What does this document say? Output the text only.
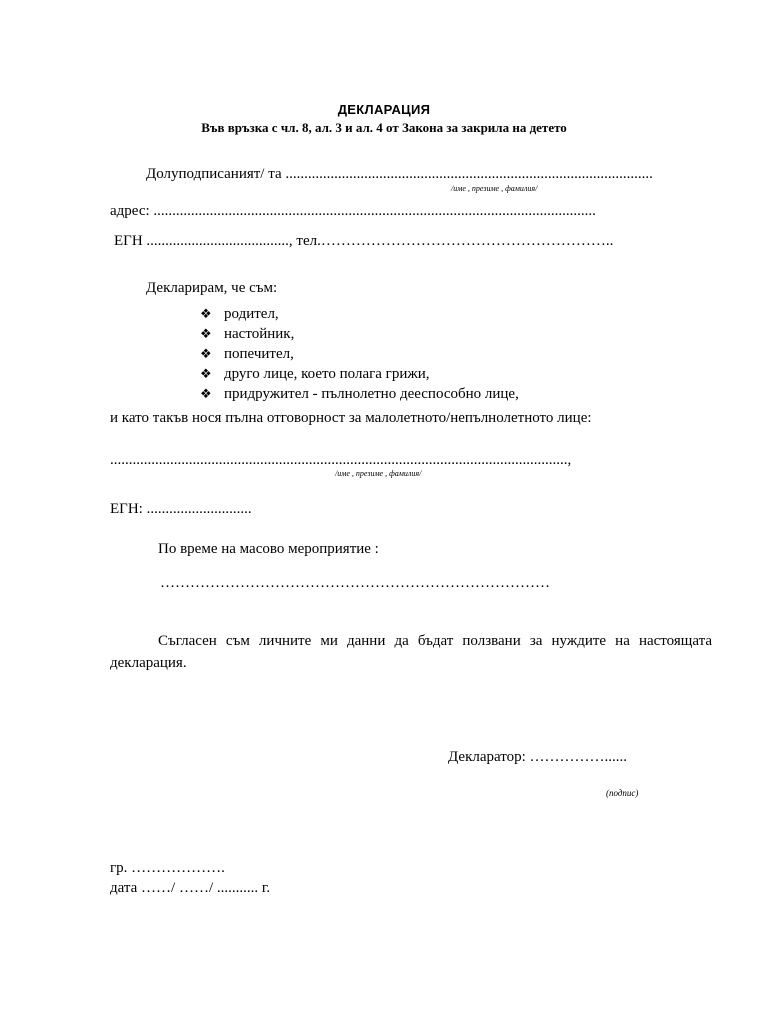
ДЕКЛАРАЦИЯ
Във връзка с чл. 8, ал. 3 и ал. 4 от Закона за закрила на детето
Долуподписаният/ та ..................................................................................................
/име , презиме , фамилия/
адрес: ......................................................................................................................
ЕГН ......................................, тел.…………………………………………………..
Декларирам, че съм:
❖ родител,
❖ настойник,
❖ попечител,
❖ друго лице, което полага грижи,
❖ придружител - пълнолетно дееспособно лице,
и като такъв нося пълна отговорност за малолетното/непълнолетното лице:
..........................................................................................................................,
/име , презиме , фамилия/
ЕГН: ............................
По време на масово мероприятие :
……………………………………………………………………
Съгласен съм личните ми данни да бъдат ползвани за нуждите на настоящата декларация.
Декларатор: ……………......
(подпис)
гр. ……………….
дата ……/ ……/ ........... г.
